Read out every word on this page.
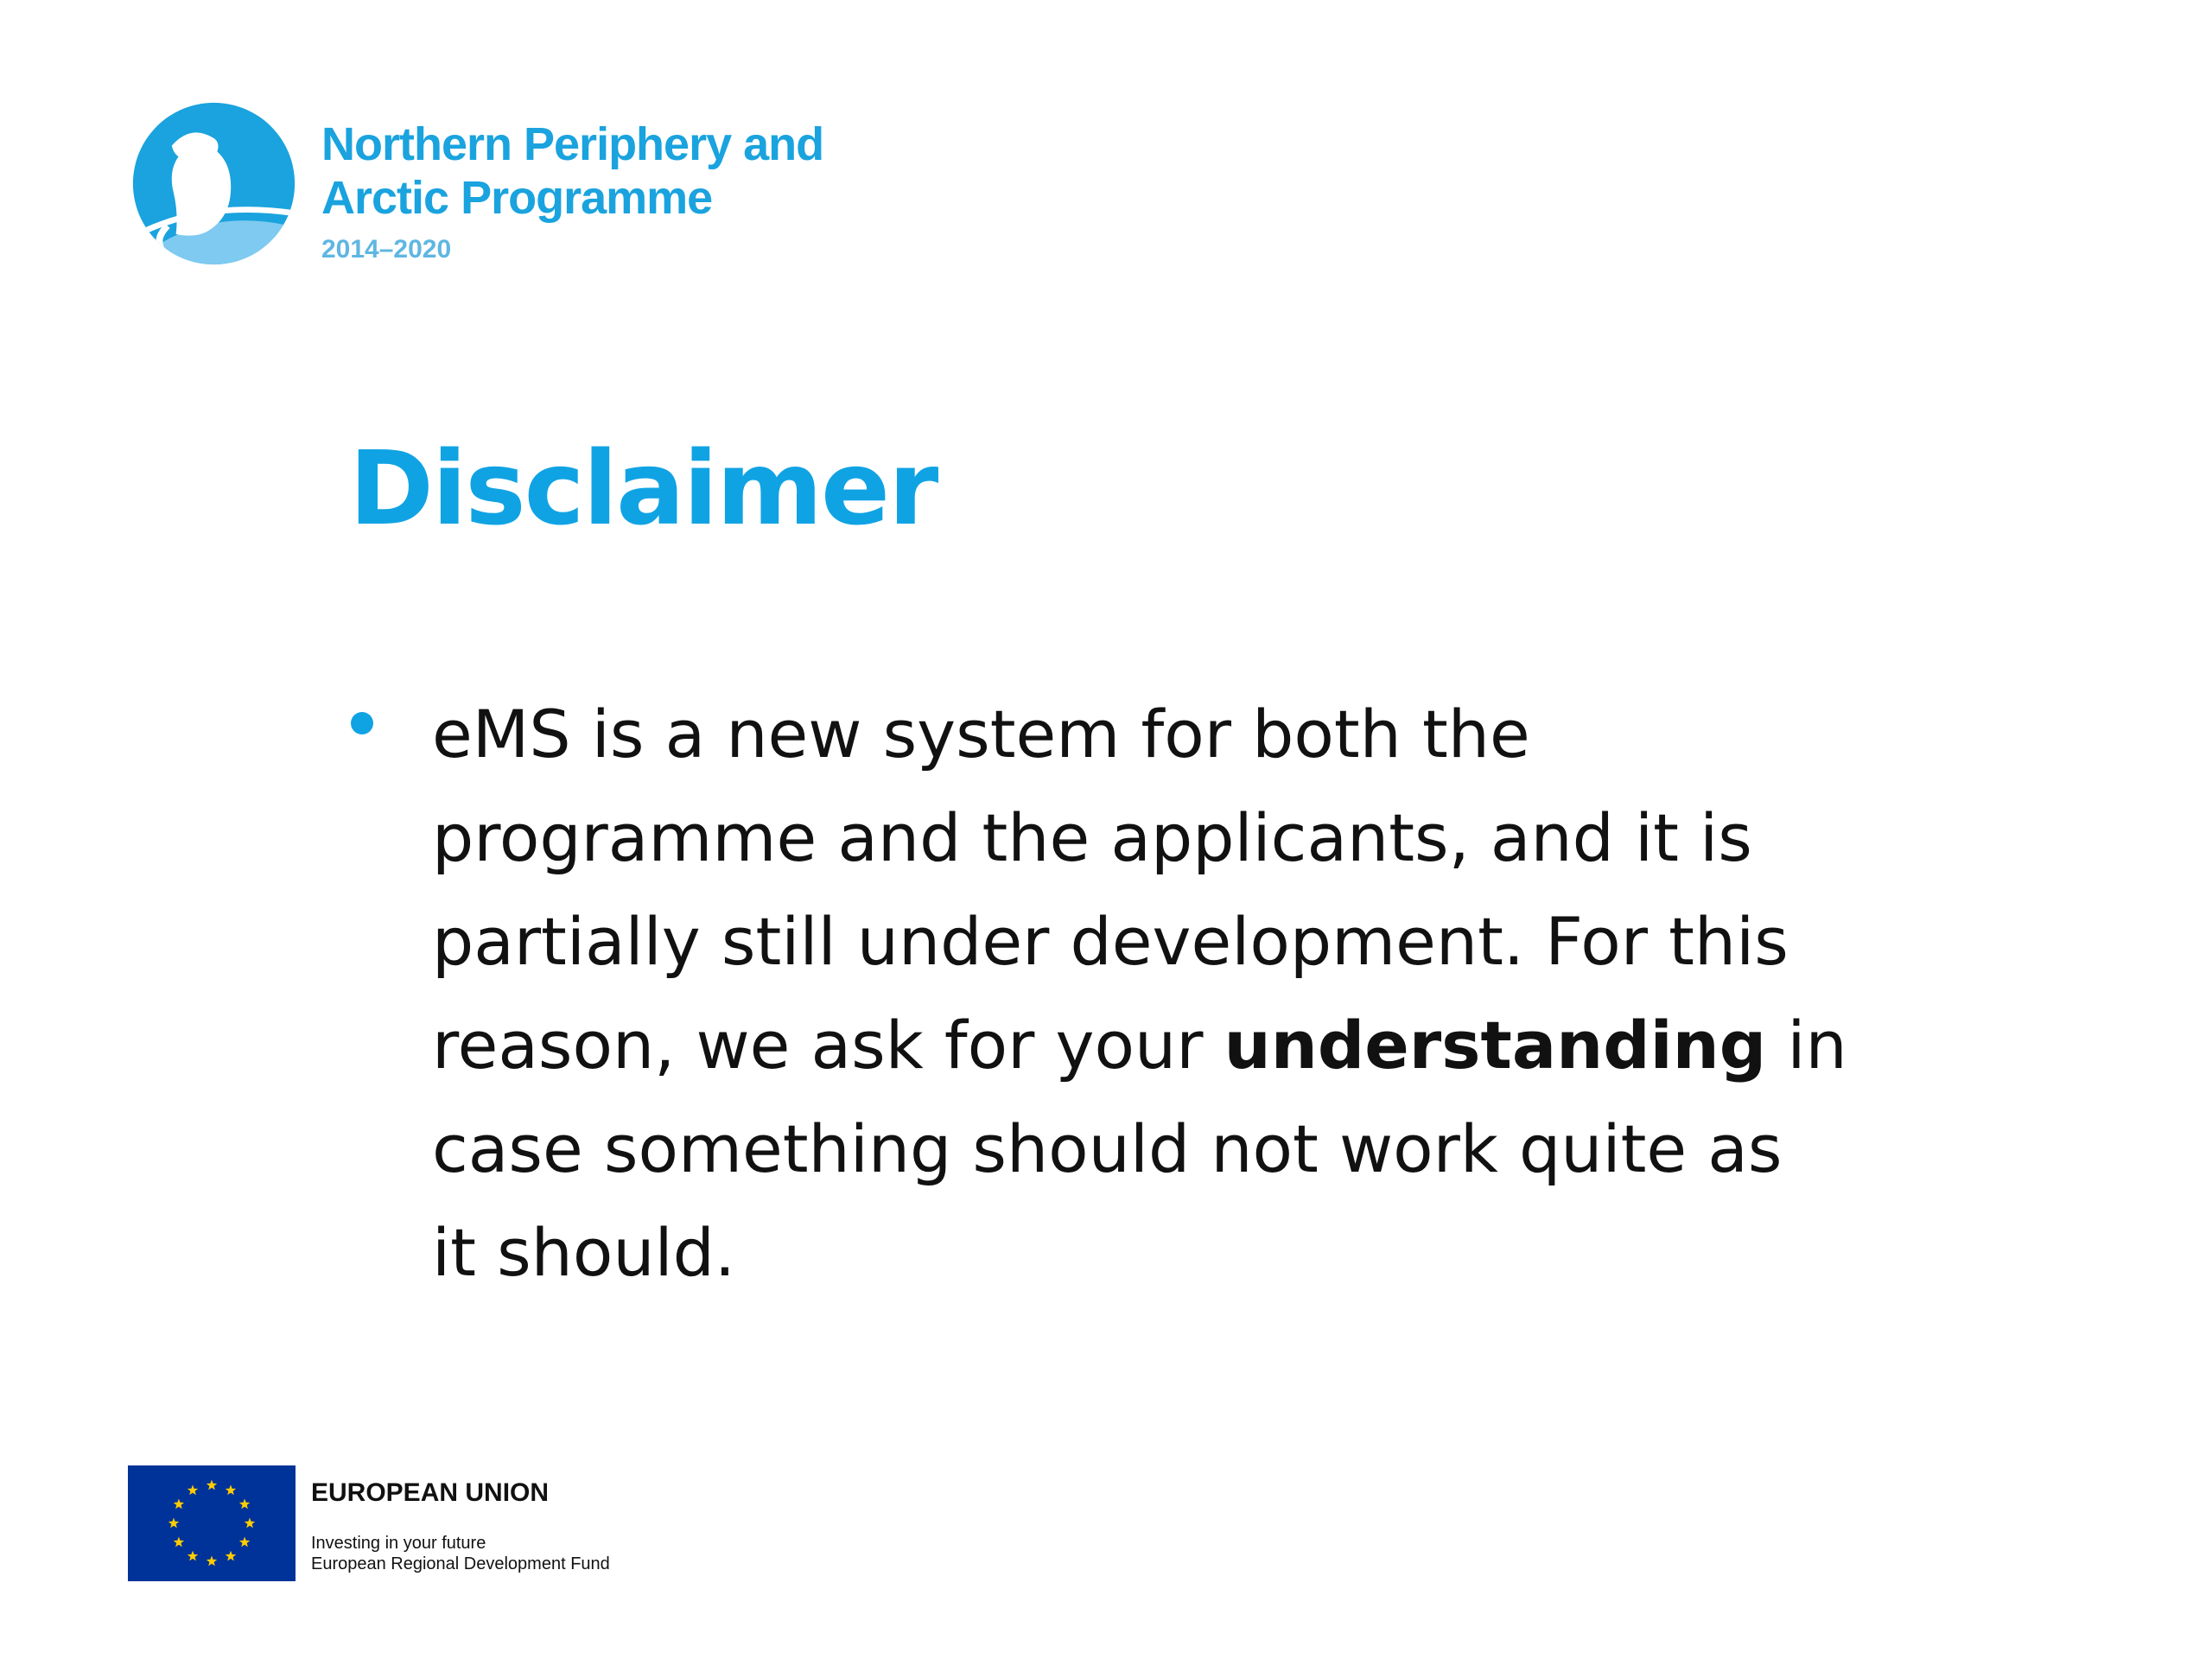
Northern Periphery and
Arctic Programme
2014–2020
Disclaimer
eMS is a new system for both the
programme and the applicants, and it is
partially still under development. For this
reason, we ask for your understanding in
case something should not work quite as
it should.
EUROPEAN UNION
Investing in your future
European Regional Development Fund
